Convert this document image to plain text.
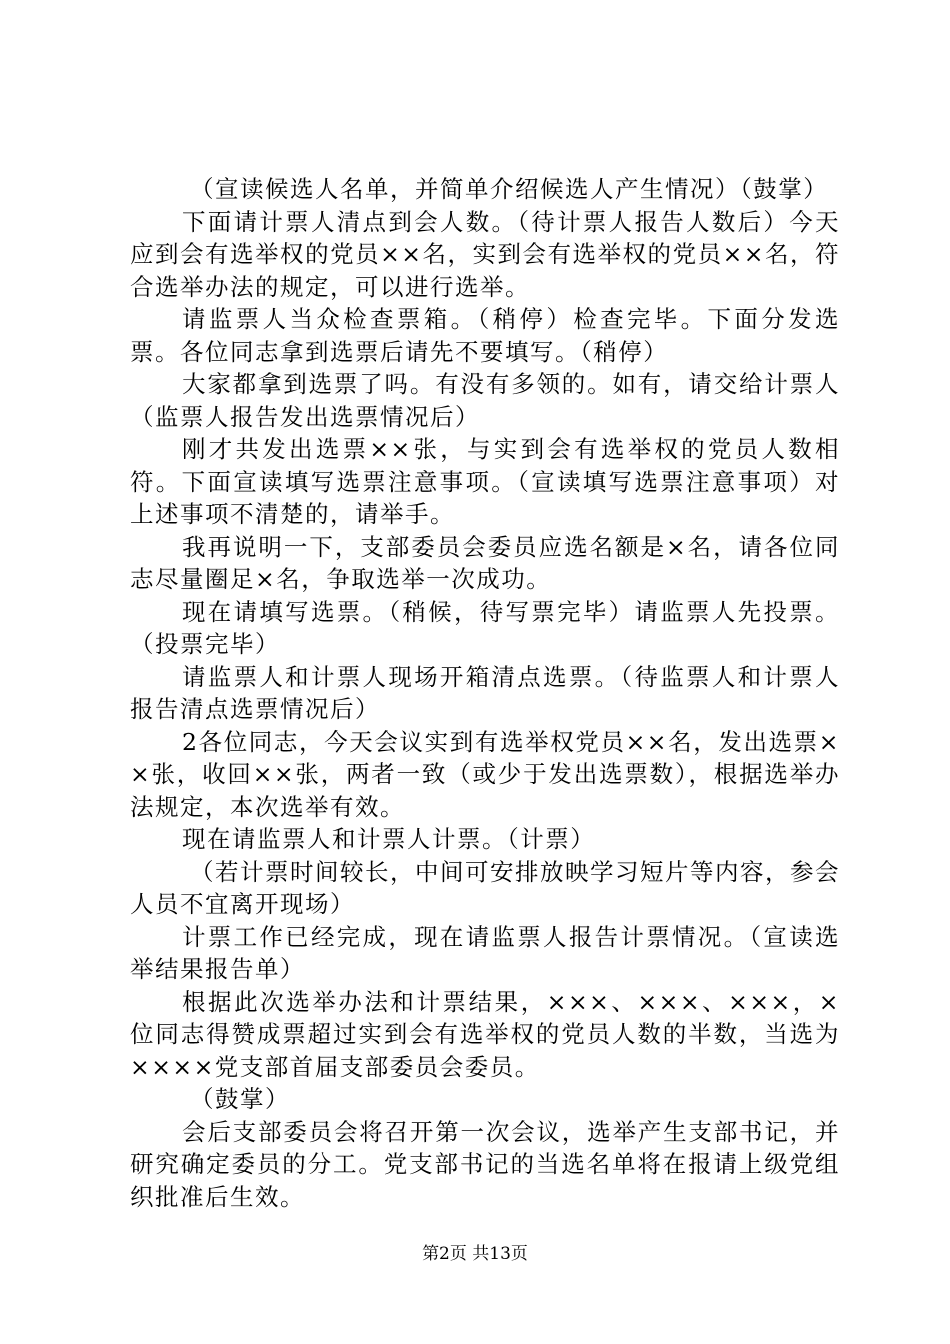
（宣读候选人名单，并简单介绍候选人产生情况）（鼓掌）

下面请计票人清点到会人数。（待计票人报告人数后）今天应到会有选举权的党员××名，实到会有选举权的党员××名，符合选举办法的规定，可以进行选举。

请监票人当众检查票箱。（稍停）检查完毕。下面分发选票。各位同志拿到选票后请先不要填写。（稍停）

大家都拿到选票了吗。有没有多领的。如有，请交给计票人（监票人报告发出选票情况后）

刚才共发出选票××张，与实到会有选举权的党员人数相符。下面宣读填写选票注意事项。（宣读填写选票注意事项）对上述事项不清楚的，请举手。

我再说明一下，支部委员会委员应选名额是×名，请各位同志尽量圈足×名，争取选举一次成功。

现在请填写选票。（稍候，待写票完毕）请监票人先投票。（投票完毕）

请监票人和计票人现场开箱清点选票。（待监票人和计票人报告清点选票情况后）

2各位同志，今天会议实到有选举权党员××名，发出选票××张，收回××张，两者一致（或少于发出选票数），根据选举办法规定，本次选举有效。

现在请监票人和计票人计票。（计票）

（若计票时间较长，中间可安排放映学习短片等内容，参会人员不宜离开现场）

计票工作已经完成，现在请监票人报告计票情况。（宣读选举结果报告单）

根据此次选举办法和计票结果，×××、×××、×××，×位同志得赞成票超过实到会有选举权的党员人数的半数，当选为××××党支部首届支部委员会委员。

（鼓掌）

会后支部委员会将召开第一次会议，选举产生支部书记，并研究确定委员的分工。党支部书记的当选名单将在报请上级党组织批准后生效。

第2页 共13页
